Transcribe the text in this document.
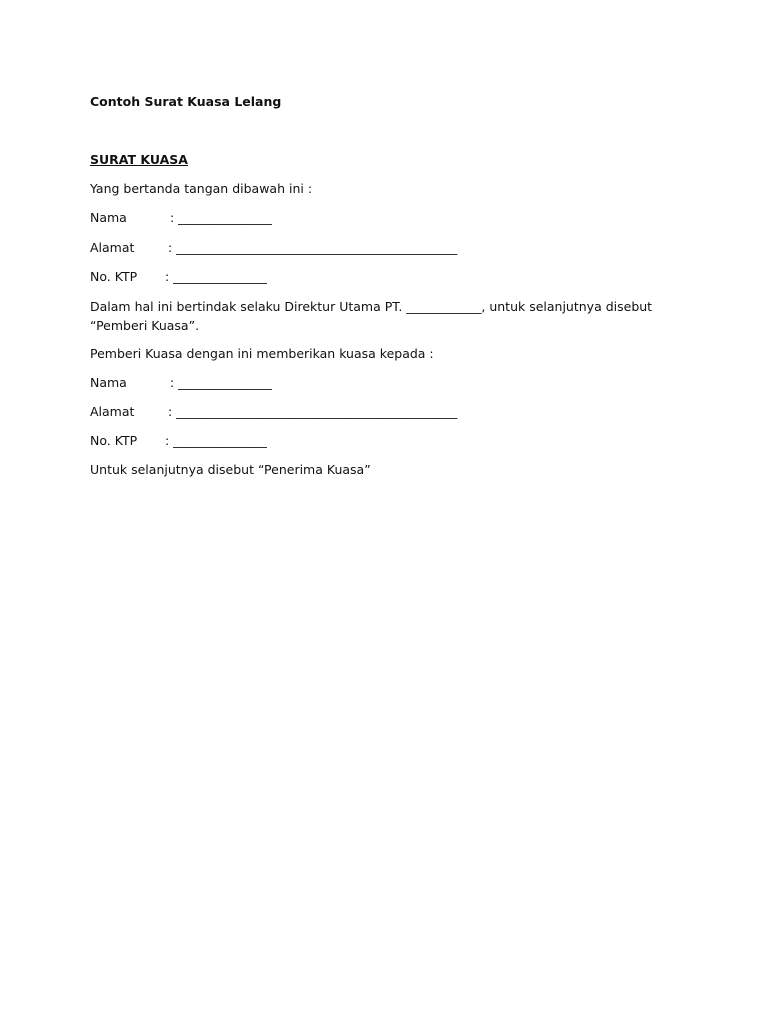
Contoh Surat Kuasa Lelang
SURAT KUASA
Yang bertanda tangan dibawah ini :
Nama	: _______________
Alamat	: _____________________________________________
No. KTP : _______________
Dalam hal ini bertindak selaku Direktur Utama PT. ____________, untuk selanjutnya disebut “Pemberi Kuasa”.
Pemberi Kuasa dengan ini memberikan kuasa kepada :
Nama	: _______________
Alamat	: _____________________________________________
No. KTP : _______________
Untuk selanjutnya disebut “Penerima Kuasa”
